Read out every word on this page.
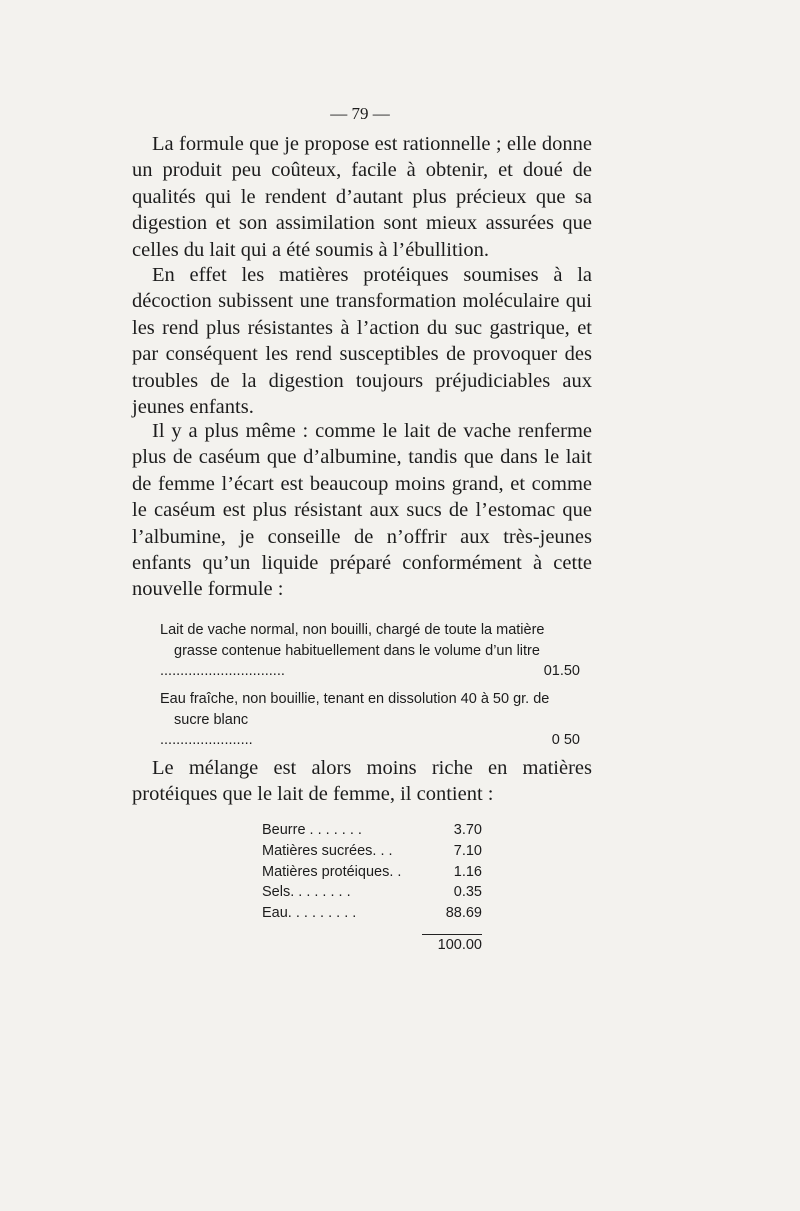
— 79 —

La formule que je propose est rationnelle ; elle donne un produit peu coûteux, facile à obtenir, et doué de qualités qui le rendent d’autant plus précieux que sa digestion et son assimilation sont mieux assurées que celles du lait qui a été soumis à l’ébullition.

En effet les matières protéiques soumises à la décoction subissent une transformation moléculaire qui les rend plus résistantes à l’action du suc gastrique, et par conséquent les rend susceptibles de provoquer des troubles de la digestion toujours préjudiciables aux jeunes enfants.

Il y a plus même : comme le lait de vache renferme plus de caséum que d’albumine, tandis que dans le lait de femme l’écart est beaucoup moins grand, et comme le caséum est plus résistant aux sucs de l’estomac que l’albumine, je conseille de n’offrir aux très-jeunes enfants qu’un liquide préparé conformément à cette nouvelle formule :

Lait de vache normal, non bouilli, chargé de toute la matière grasse contenue habituellement dans le volume d’un litre
...............................	01.50
Eau fraîche, non bouillie, tenant en dissolution 40 à 50 gr. de sucre blanc
.......................	0 50

Le mélange est alors moins riche en matières protéiques que le lait de femme, il contient :

Beurre . . . . . . .	3.70
Matières sucrées. . .	7.10
Matières protéiques. .	1.16
Sels. . . . . . . .	0.35
Eau. . . . . . . . .	88.69
100.00
